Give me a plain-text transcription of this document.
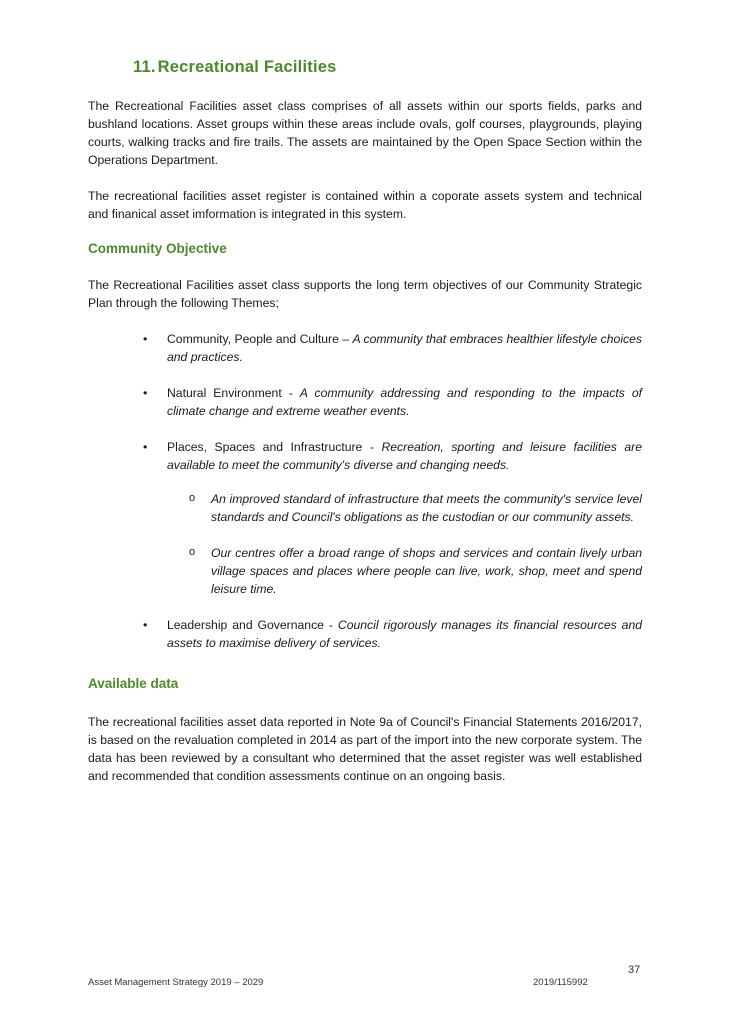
11. Recreational Facilities
The Recreational Facilities asset class comprises of all assets within our sports fields, parks and bushland locations. Asset groups within these areas include ovals, golf courses, playgrounds, playing courts, walking tracks and fire trails. The assets are maintained by the Open Space Section within the Operations Department.
The recreational facilities asset register is contained within a coporate assets system and technical and finanical asset imformation is integrated in this system.
Community Objective
The Recreational Facilities asset class supports the long term objectives of our Community Strategic Plan through the following Themes;
• Community, People and Culture – A community that embraces healthier lifestyle choices and practices.
• Natural Environment - A community addressing and responding to the impacts of climate change and extreme weather events.
• Places, Spaces and Infrastructure - Recreation, sporting and leisure facilities are available to meet the community's diverse and changing needs.
o An improved standard of infrastructure that meets the community's service level standards and Council's obligations as the custodian or our community assets.
o Our centres offer a broad range of shops and services and contain lively urban village spaces and places where people can live, work, shop, meet and spend leisure time.
• Leadership and Governance - Council rigorously manages its financial resources and assets to maximise delivery of services.
Available data
The recreational facilities asset data reported in Note 9a of Council's Financial Statements 2016/2017, is based on the revaluation completed in 2014 as part of the import into the new corporate system. The data has been reviewed by a consultant who determined that the asset register was well established and recommended that condition assessments continue on an ongoing basis.
37
Asset Management Strategy 2019 – 2029	2019/115992
